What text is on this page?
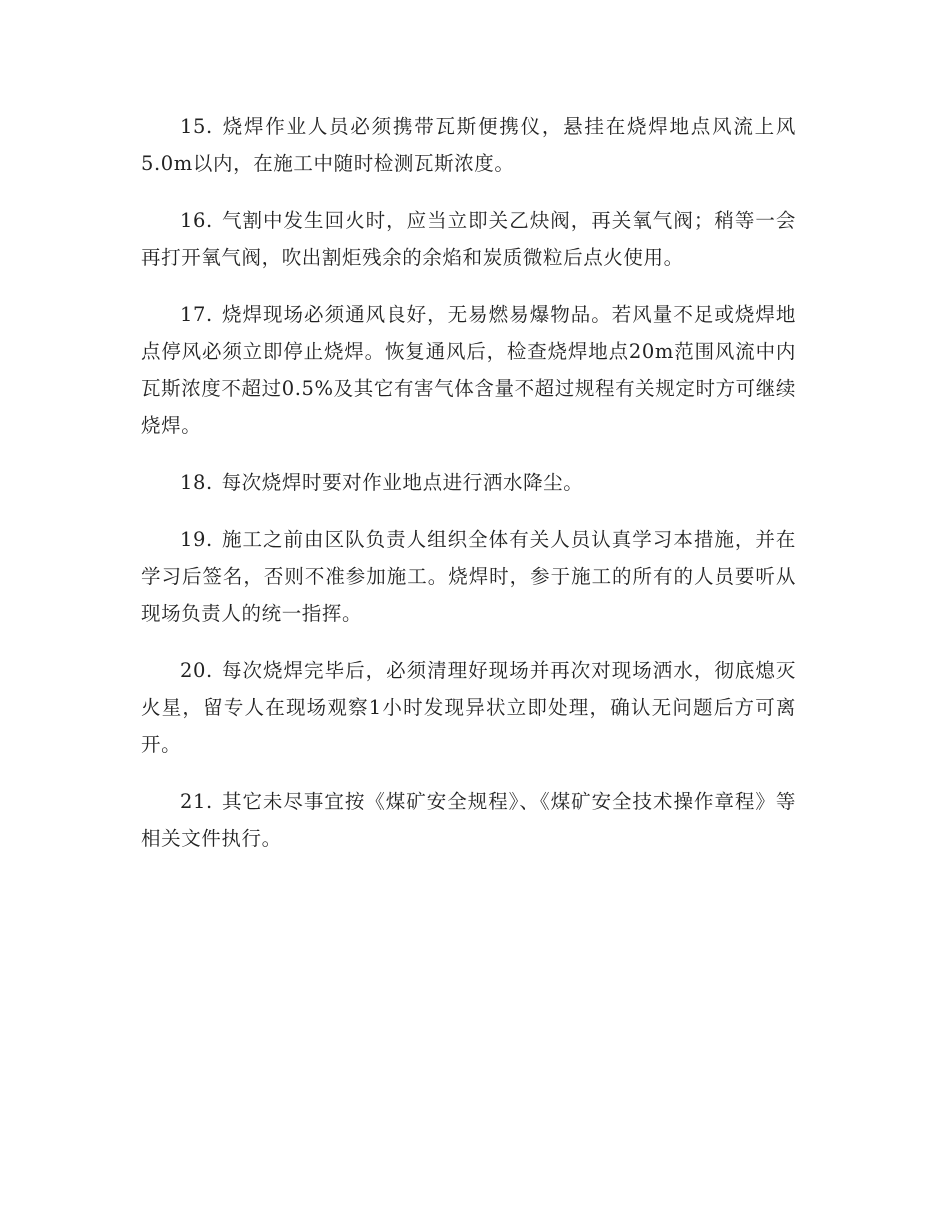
15. 烧焊作业人员必须携带瓦斯便携仪，悬挂在烧焊地点风流上风5.0m以内，在施工中随时检测瓦斯浓度。

16. 气割中发生回火时，应当立即关乙炔阀，再关氧气阀；稍等一会再打开氧气阀，吹出割炬残余的余焰和炭质微粒后点火使用。

17. 烧焊现场必须通风良好，无易燃易爆物品。若风量不足或烧焊地点停风必须立即停止烧焊。恢复通风后，检查烧焊地点20m范围风流中内瓦斯浓度不超过0.5%及其它有害气体含量不超过规程有关规定时方可继续烧焊。

18. 每次烧焊时要对作业地点进行洒水降尘。

19. 施工之前由区队负责人组织全体有关人员认真学习本措施，并在学习后签名，否则不准参加施工。烧焊时，参于施工的所有的人员要听从现场负责人的统一指挥。

20. 每次烧焊完毕后，必须清理好现场并再次对现场洒水，彻底熄灭火星，留专人在现场观察1小时发现异状立即处理，确认无问题后方可离开。

21. 其它未尽事宜按《煤矿安全规程》、《煤矿安全技术操作章程》等相关文件执行。
